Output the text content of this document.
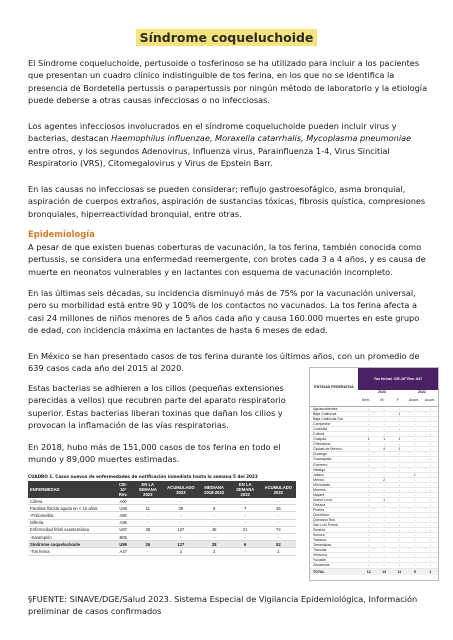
Síndrome coqueluchoide

El Síndrome coqueluchoide, pertusoide o tosferinoso se ha utilizado para incluir a los pacientes que presentan un cuadro clínico indistinguible de tos ferina, en los que no se identifica la presencia de Bordetella pertussis o parapertussis por ningún método de laboratorio y la etiología puede deberse a otras causas infecciosas o no infecciosas.

Los agentes infecciosos involucrados en el síndrome coqueluchoide pueden incluir virus y bacterias, destacan Haemophilus influenzae, Moraxella catarrhalis, Mycoplasma pneumoniae entre otros, y los segundos Adenovirus, Influenza virus, Parainfluenza 1-4, Virus Sincitial Respiratorio (VRS), Citomegalovirus y Virus de Epstein Barr.

En las causas no infecciosas se pueden considerar; reflujo gastroesofágico, asma bronquial, aspiración de cuerpos extraños, aspiración de sustancias tóxicas, fibrosis quística, compresiones bronquiales, hiperreactividad bronquial, entre otras.

Epidemiología

A pesar de que existen buenas coberturas de vacunación, la tos ferina, también conocida como pertussis, se considera una enfermedad reemergente, con brotes cada 3 a 4 años, y es causa de muerte en neonatos vulnerables y en lactantes con esquema de vacunación incompleto.

En las últimas seis décadas, su incidencia disminuyó más de 75% por la vacunación universal, pero su morbilidad está entre 90 y 100% de los contactos no vacunados. La tos ferina afecta a casi 24 millones de niños menores de 5 años cada año y causa 160.000 muertes en este grupo de edad, con incidencia máxima en lactantes de hasta 6 meses de edad.

En México se han presentado casos de tos ferina durante los últimos años, con un promedio de 639 casos cada año del 2015 al 2020.

Estas bacterias se adhieren a los cilios (pequeñas extensiones parecidas a vellos) que recubren parte del aparato respiratorio superior. Estas bacterias liberan toxinas que dañan los cilios y provocan la inflamación de las vías respiratorias.

En 2018, hubo más de 151,000 casos de tos ferina en todo el mundo y 89,000 muertes estimadas.

CUADRO 1. Casos nuevos de enfermedades de notificación inmediata hasta la semana 5 del 2023
ENFERMEDAD	CIE-10ª Rev.	EN LA SEMANA 2023	ACUMULADO 2023	MEDIANA 2018-2022	EN LA SEMANA 2022	ACUMULADO 2022
Cólera	A00	-	-	-	-	-
Parálisis flácida aguda en < 15 años	U98	11	39	9	7	45
-Poliomielitis	A80	-	-	-	-	-
Difteria	A36	-	-	-	-	-
Enfermedad febril exantemática	U97	35	137	48	21	74
-Sarampión	B05	-	-	-	-	-
Síndrome coqueluchoide	U99	26	127	28	6	52
-Tos ferina	A37	-	2	3	-	1
ENTIDAD FEDERATIVA
Tos ferina† CIE-10ª Rev. A37
2023	2022
Sem.	M	F	Acum.	Acum.
Aguascalientes	-	-	-	-	-
Baja California	-	-	1	-	-
Baja California Sur	-	-	-	-	-
Campeche	-	-	-	-	-
Coahuila	-	-	-	-	-
Colima	-	-	-	-	-
Chiapas	1	1	1	-	-
Chihuahua	-	-	-	-	-
Ciudad de México	-	4	1	-	-
Durango	-	-	-	-	-
Guanajuato	-	-	-	-	-
Guerrero	-	-	-	-	-
Hidalgo	-	-	-	-	-
Jalisco	-	-	-	1	-
México	-	2	-	-	-
Michoacán	-	-	-	-	-
Morelos	-	-	-	-	-
Nayarit	-	-	-	-	-
Nuevo León	-	1	-	-	-
Oaxaca	-	-	-	-	-
Puebla	-	-	-	-	-
Querétaro	-	-	-	-	-
Quintana Roo	-	-	-	-	-
San Luis Potosí	-	-	-	-	-
Sinaloa	-	-	-	-	-
Sonora	-	-	-	-	-
Tabasco	-	-	-	-	-
Tamaulipas	-	-	-	-	-
Tlaxcala	-	-	-	-	-
Veracruz	-	-	-	-	-
Yucatán	-	-	-	-	-
Zacatecas	-	-	-	-	-
TOTAL	12	13	11	5	1

§FUENTE: SINAVE/DGE/Salud 2023. Sistema Especial de Vigilancia Epidemiológica, Información preliminar de casos confirmados
